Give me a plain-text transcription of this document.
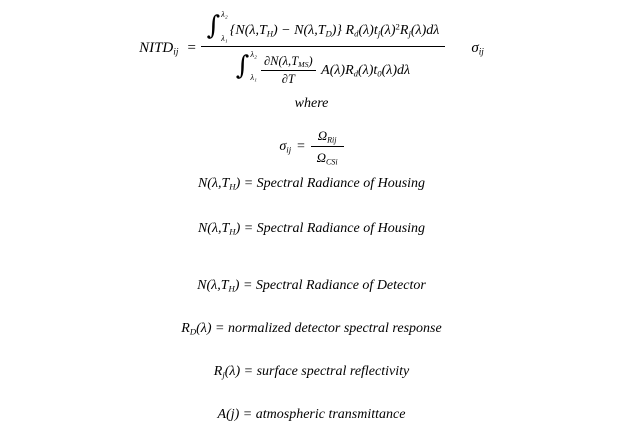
$NITD_{ij}$ =
∫ λ₂
λ₁ $\{N(\lambda,T_H) - N(\lambda,T_D)\}$ $R_d(\lambda)t_j(\lambda)^2R_j(\lambda)d\lambda$
∫ λ₂
λ₁
$\partial N(\lambda,T_{MS})$
∂T
$A(\lambda)R_d(\lambda)t_0(\lambda)d\lambda$
$\sigma_{ij}$
where
$\sigma_{ij} = \frac{\Omega_{Rij}}{\Omega_{CSi}}$
$N(\lambda,T_H)$ = Spectral Radiance of Housing
$N(\lambda,T_H)$ = Spectral Radiance of Housing
$N(\lambda,T_H)$ = Spectral Radiance of Detector
$R_D(\lambda)$ = normalized detector spectral response
$R_j(\lambda)$ = surface spectral reflectivity
A(j) = atmospheric transmittance
